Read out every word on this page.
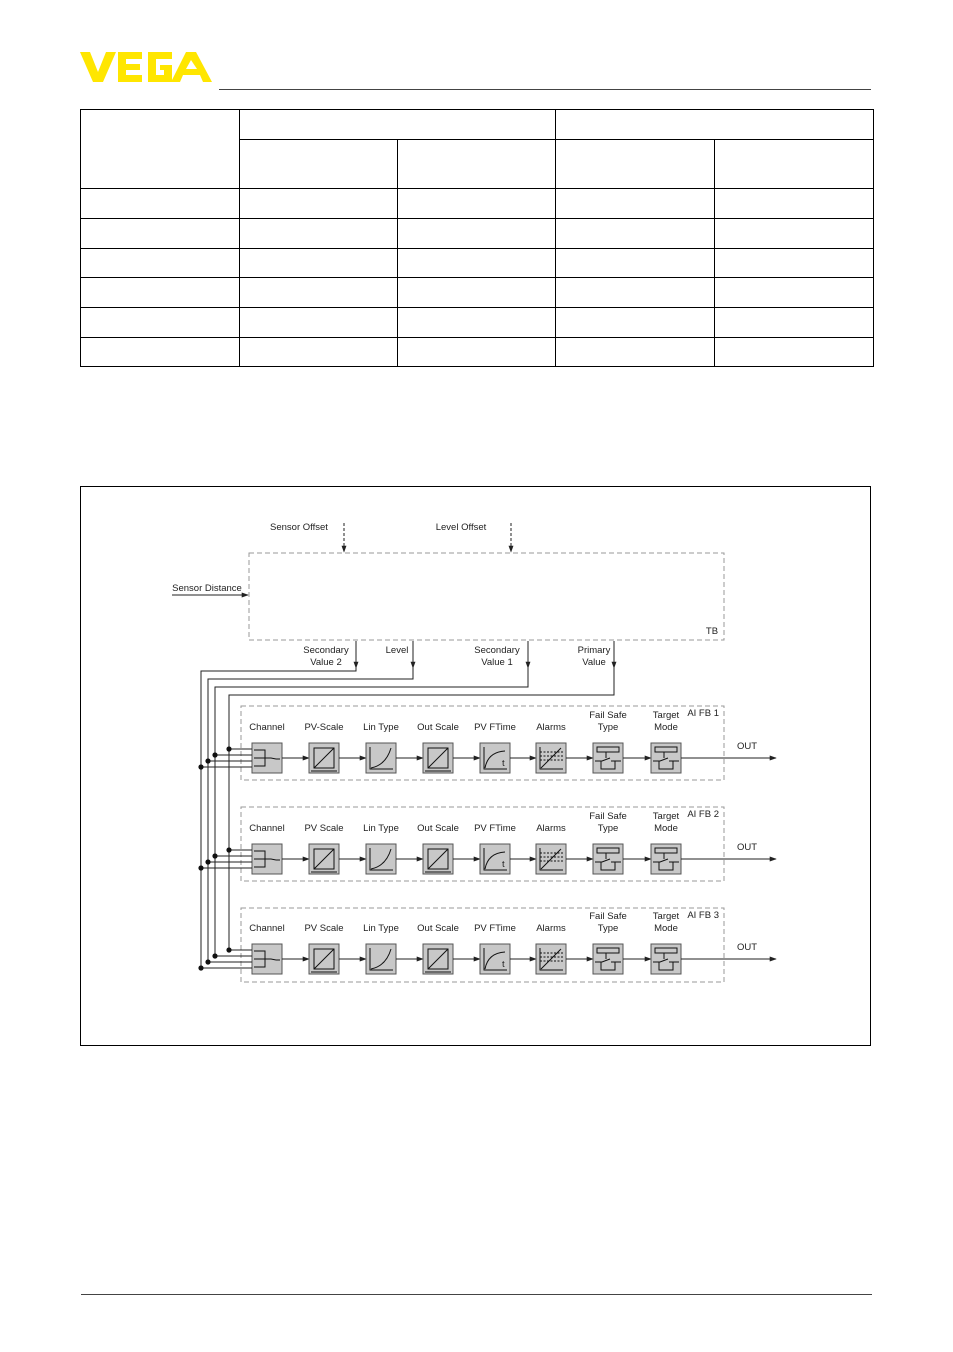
TB
Sensor Offset	Level Offset
Sensor Distance
Secondary
Value 2
Level	Secondary
Value 1
Primary
Value
AI FB 1
Channel PV-Scale Lin Type Out Scale PV FTime
t
Alarms
Fail Safe
Type
Target
Mode
OUT
AI FB 2
Channel PV Scale Lin Type Out Scale PV FTime
t
Alarms
Fail Safe
Type
Target
Mode
OUT
AI FB 3
Channel PV Scale Lin Type Out Scale PV FTime
t
Alarms
Fail Safe
Type
Target
Mode
OUT
